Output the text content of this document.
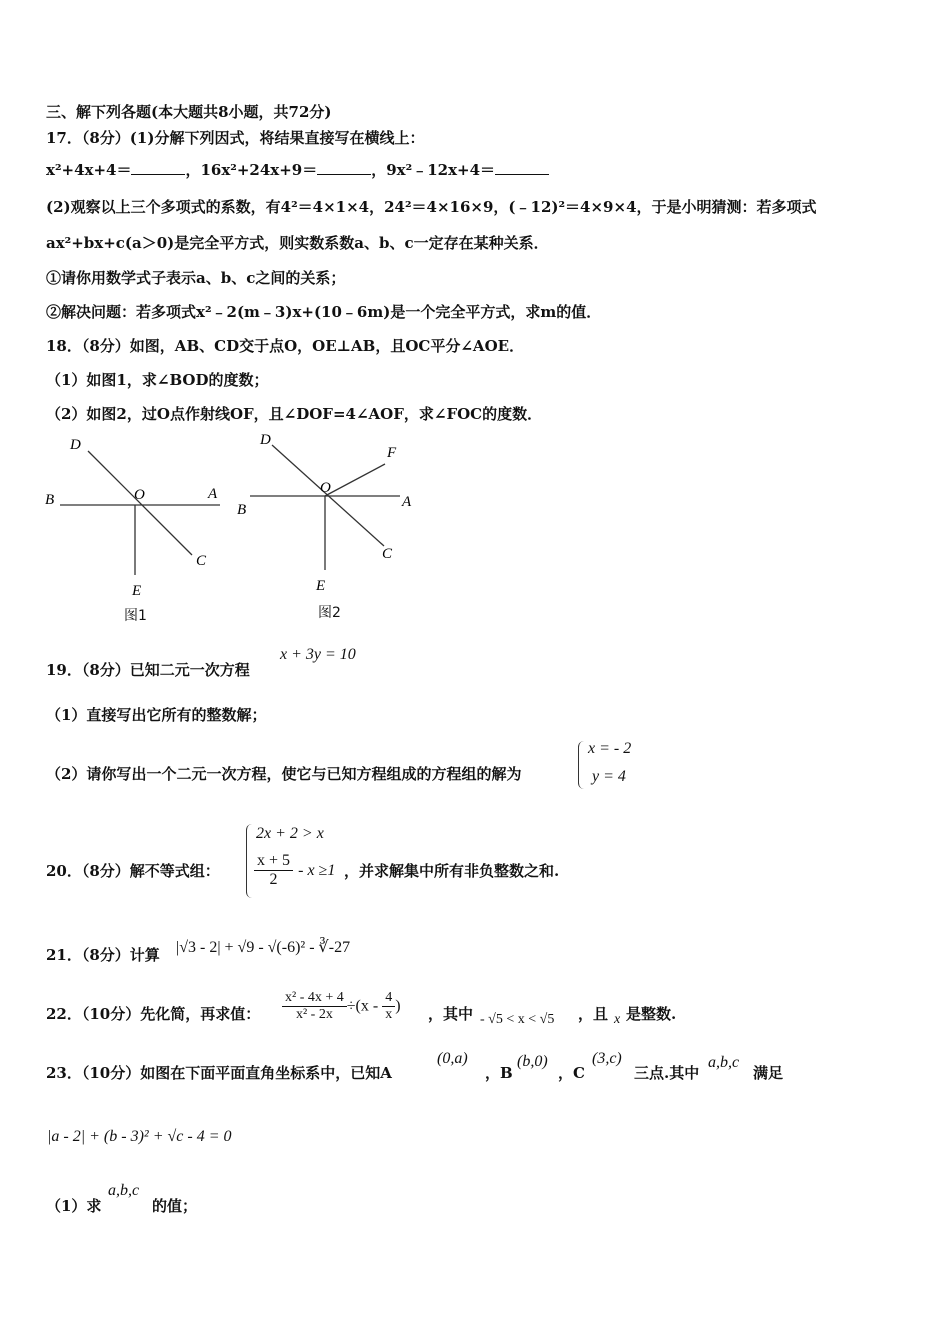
三、解下列各题(本大题共8小题，共72分)
17．（8分）(1)分解下列因式，将结果直接写在横线上：
x²+4x+4＝	，16x²+24x+9＝	，9x²﹣12x+4＝
(2)观察以上三个多项式的系数，有4²＝4×1×4，24²＝4×16×9，(﹣12)²＝4×9×4，于是小明猜测：若多项式
ax²+bx+c(a＞0)是完全平方式，则实数系数a、b、c一定存在某种关系．
①请你用数学式子表示a、b、c之间的关系；
②解决问题：若多项式x²﹣2(m﹣3)x+(10﹣6m)是一个完全平方式，求m的值．
18．（8分）如图，AB、CD交于点O，OE⊥AB，且OC平分∠AOE．
（1）如图1，求∠BOD的度数；
（2）如图2，过O点作射线OF，且∠DOF=4∠AOF，求∠FOC的度数．
D
B	O	A
C
E
图1
D
B
O
A
C
E
F
图2
19．（8分）已知二元一次方程
x + 3y = 10
（1）直接写出它所有的整数解；
（2）请你写出一个二元一次方程，使它与已知方程组成的方程组的解为
x = - 2
y = 4
20．（8分）解不等式组：
2x + 2 > x
$\frac{x + 5}{2} - x \ge 1$ ，并求解集中所有非负整数之和.
21．（8分）计算 |√3 - 2| + √9 - √(-6)² - ∛-27
22．（10分）先化简，再求值： $\frac{\text{x² - 4x + 4}}{\text{x² - 2x}} \div(x - \frac{4}{x}$ ) ，其中 - √5 < x < √5 ，且 x 是整数.
23．（10分）如图在下面平面直角坐标系中，已知A
(0,a)
，B
(b,0)
，C
(3,c)
三点.其中
a,b,c
满足
|a - 2| + (b - 3)² + √c - 4 = 0
（1）求
a,b,c
的值；
